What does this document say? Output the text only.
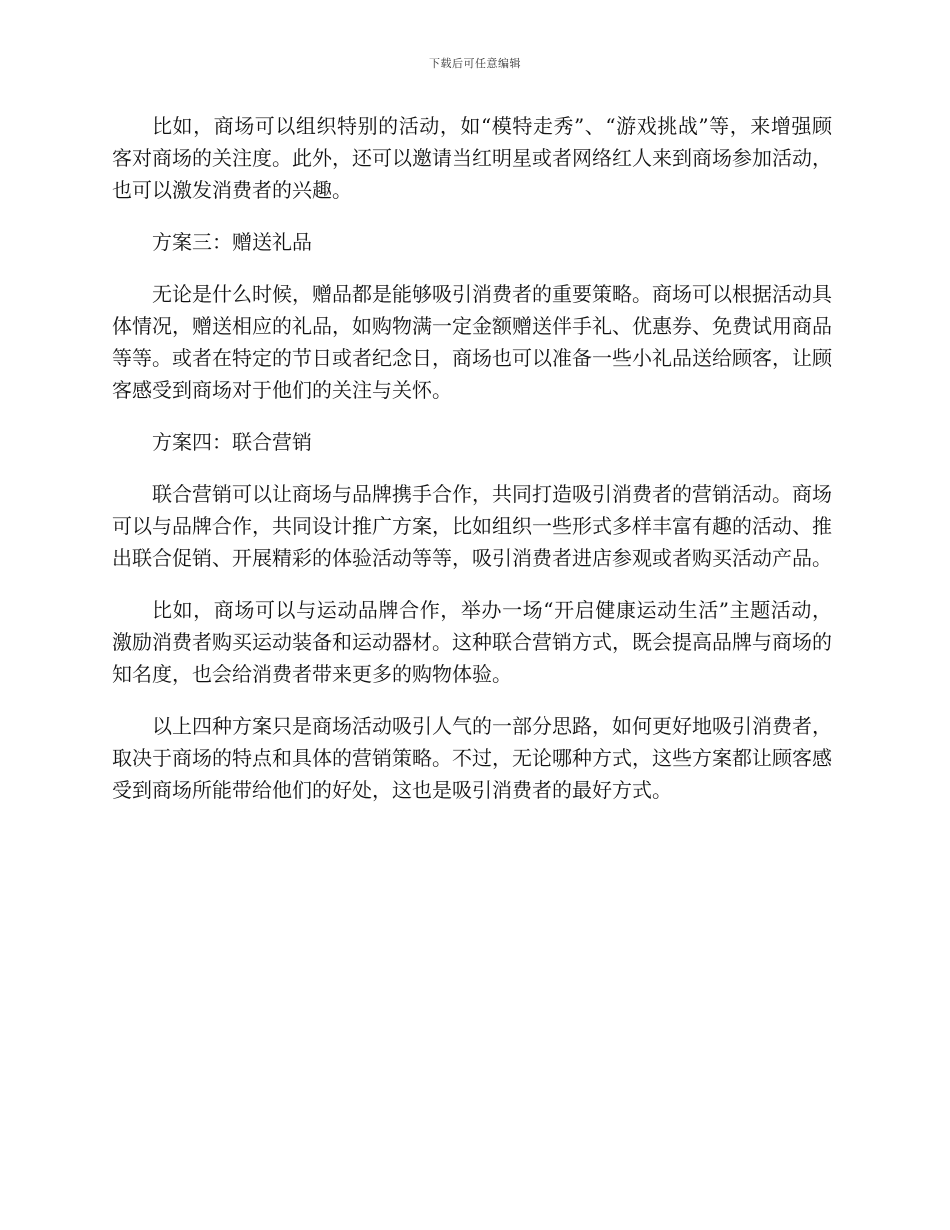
下载后可任意编辑

比如，商场可以组织特别的活动，如“模特走秀”、“游戏挑战”等，来增强顾客对商场的关注度。此外，还可以邀请当红明星或者网络红人来到商场参加活动，也可以激发消费者的兴趣。

方案三：赠送礼品

无论是什么时候，赠品都是能够吸引消费者的重要策略。商场可以根据活动具体情况，赠送相应的礼品，如购物满一定金额赠送伴手礼、优惠券、免费试用商品等等。或者在特定的节日或者纪念日，商场也可以准备一些小礼品送给顾客，让顾客感受到商场对于他们的关注与关怀。

方案四：联合营销

联合营销可以让商场与品牌携手合作，共同打造吸引消费者的营销活动。商场可以与品牌合作，共同设计推广方案，比如组织一些形式多样丰富有趣的活动、推出联合促销、开展精彩的体验活动等等，吸引消费者进店参观或者购买活动产品。

比如，商场可以与运动品牌合作，举办一场“开启健康运动生活”主题活动，激励消费者购买运动装备和运动器材。这种联合营销方式，既会提高品牌与商场的知名度，也会给消费者带来更多的购物体验。

以上四种方案只是商场活动吸引人气的一部分思路，如何更好地吸引消费者，取决于商场的特点和具体的营销策略。不过，无论哪种方式，这些方案都让顾客感受到商场所能带给他们的好处，这也是吸引消费者的最好方式。
